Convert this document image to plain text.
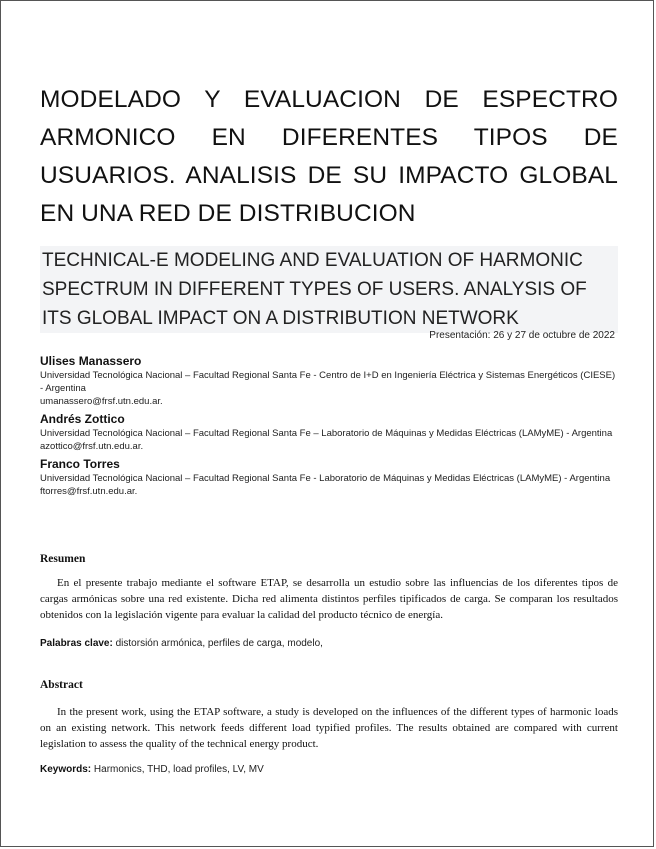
MODELADO Y EVALUACION DE ESPECTRO ARMONICO EN DIFERENTES TIPOS DE USUARIOS. ANALISIS DE SU IMPACTO GLOBAL EN UNA RED DE DISTRIBUCION
TECHNICAL-E MODELING AND EVALUATION OF HARMONIC SPECTRUM IN DIFFERENT TYPES OF USERS. ANALYSIS OF ITS GLOBAL IMPACT ON A DISTRIBUTION NETWORK
Presentación: 26 y 27 de octubre de 2022
Ulises Manassero
Universidad Tecnológica Nacional – Facultad Regional Santa Fe - Centro de I+D en Ingeniería Eléctrica y Sistemas Energéticos (CIESE) - Argentina
umanassero@frsf.utn.edu.ar.
Andrés Zottico
Universidad Tecnológica Nacional – Facultad Regional Santa Fe – Laboratorio de Máquinas y Medidas Eléctricas (LAMyME) - Argentina
azottico@frsf.utn.edu.ar.
Franco Torres
Universidad Tecnológica Nacional – Facultad Regional Santa Fe - Laboratorio de Máquinas y Medidas Eléctricas (LAMyME) - Argentina
ftorres@frsf.utn.edu.ar.
Resumen
En el presente trabajo mediante el software ETAP, se desarrolla un estudio sobre las influencias de los diferentes tipos de cargas armónicas sobre una red existente. Dicha red alimenta distintos perfiles tipificados de carga. Se comparan los resultados obtenidos con la legislación vigente para evaluar la calidad del producto técnico de energía.
Palabras clave: distorsión armónica, perfiles de carga, modelo,
Abstract
In the present work, using the ETAP software, a study is developed on the influences of the different types of harmonic loads on an existing network. This network feeds different load typified profiles. The results obtained are compared with current legislation to assess the quality of the technical energy product.
Keywords: Harmonics, THD, load profiles, LV, MV
